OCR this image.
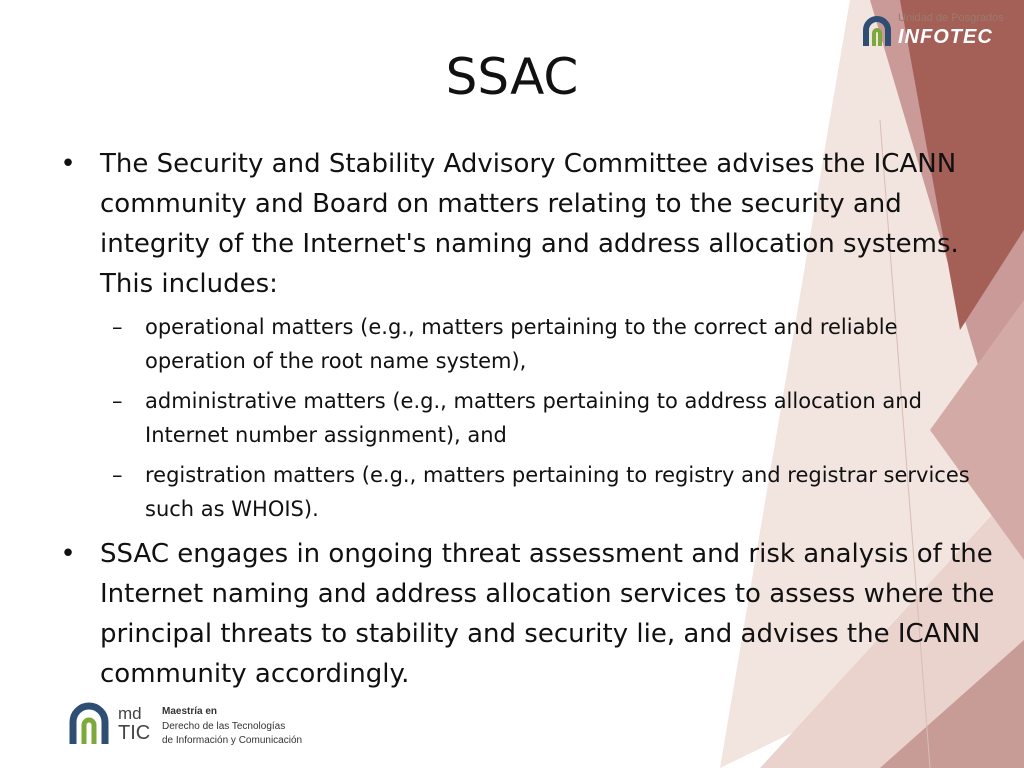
Unidad de Posgrados
INFOTEC
SSAC
• The Security and Stability Advisory Committee advises the ICANN community and Board on matters relating to the security and integrity of the Internet's naming and address allocation systems. This includes:
– operational matters (e.g., matters pertaining to the correct and reliable operation of the root name system),
– administrative matters (e.g., matters pertaining to address allocation and Internet number assignment), and
– registration matters (e.g., matters pertaining to registry and registrar services such as WHOIS).
• SSAC engages in ongoing threat assessment and risk analysis of the Internet naming and address allocation services to assess where the principal threats to stability and security lie, and advises the ICANN community accordingly.
md
TIC
Maestría en
Derecho de las Tecnologías
de Información y Comunicación
